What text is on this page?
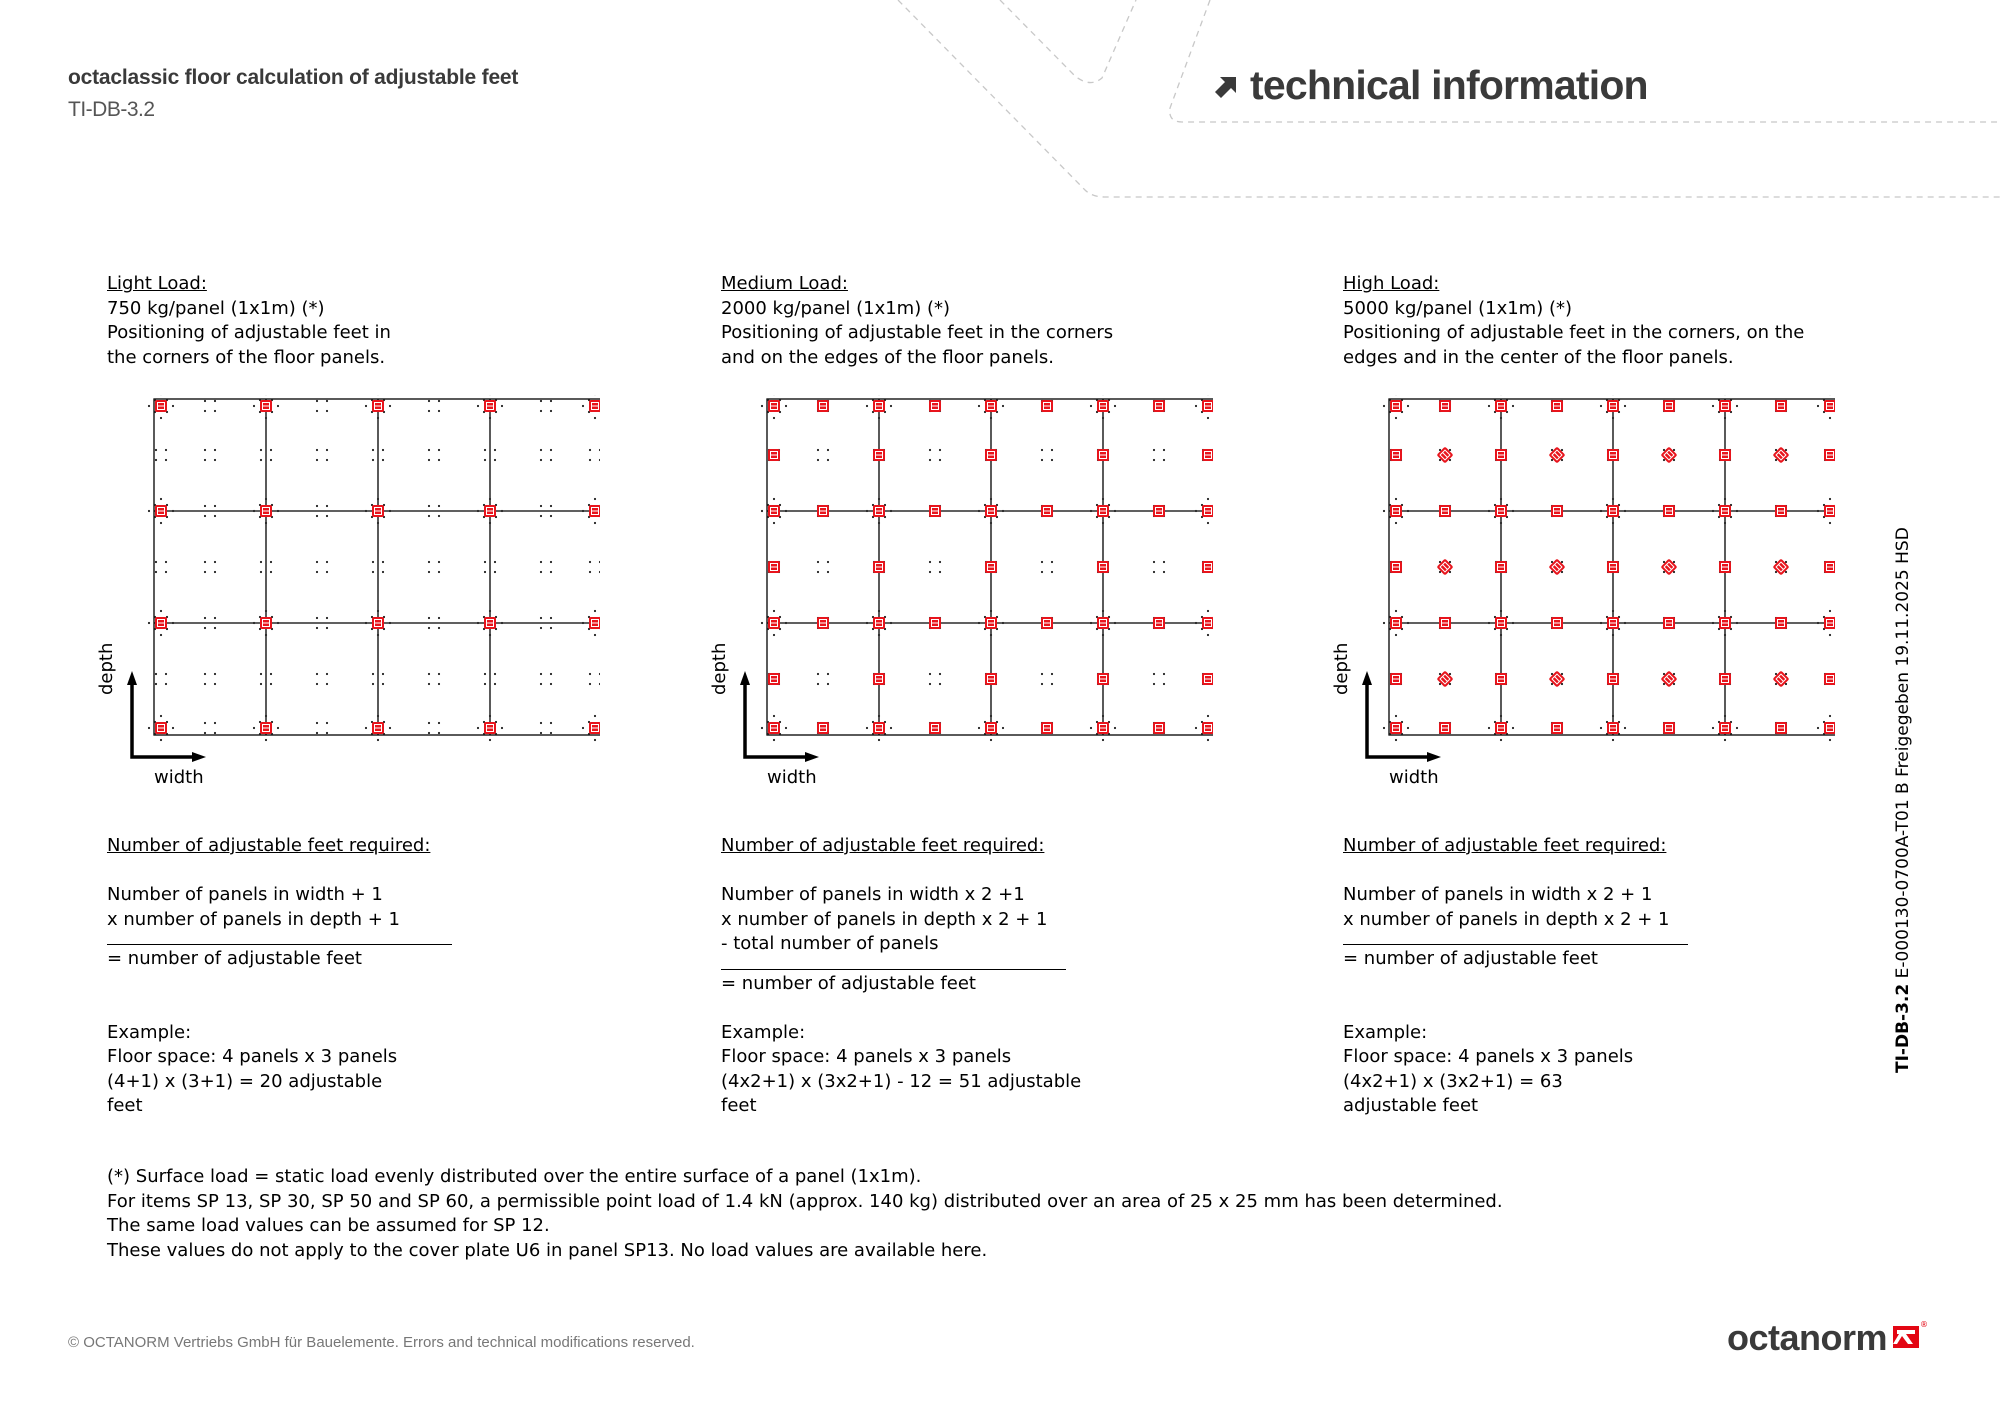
octaclassic floor calculation of adjustable feet
TI-DB-3.2
technical information

Light Load:

750 kg/panel (1x1m) (*)

Positioning of adjustable feet in

the corners of the floor panels.

Medium Load:

2000 kg/panel (1x1m) (*)

Positioning of adjustable feet in the corners

and on the edges of the floor panels.

High Load:

5000 kg/panel (1x1m) (*)

Positioning of adjustable feet in the corners, on the

edges and in the center of the floor panels.

width
depth
width
depth
width
depth

Number of adjustable feet required:

Number of panels in width + 1

x number of panels in depth + 1

= number of adjustable feet

Example:

Floor space: 4 panels x 3 panels

(4+1) x (3+1) = 20 adjustable

feet

Number of adjustable feet required:

Number of panels in width x 2 +1

x number of panels in depth x 2 + 1

- total number of panels

= number of adjustable feet

Example:

Floor space: 4 panels x 3 panels

(4x2+1) x (3x2+1) - 12 = 51 adjustable

feet

Number of adjustable feet required:

Number of panels in width x 2 + 1

x number of panels in depth x 2 + 1

= number of adjustable feet

Example:

Floor space: 4 panels x 3 panels

(4x2+1) x (3x2+1) = 63

adjustable feet

(*) Surface load = static load evenly distributed over the entire surface of a panel (1x1m).

For items SP 13, SP 30, SP 50 and SP 60, a permissible point load of 1.4 kN (approx. 140 kg) distributed over an area of 25 x 25 mm has been determined.

The same load values can be assumed for SP 12.

These values do not apply to the cover plate U6 in panel SP13. No load values are available here.

TI-DB-3.2 E-000130-0700A-T01 B Freigegeben 19.11.2025 HSD
© OCTANORM Vertriebs GmbH für Bauelemente. Errors and technical modifications reserved.	octanorm	®
